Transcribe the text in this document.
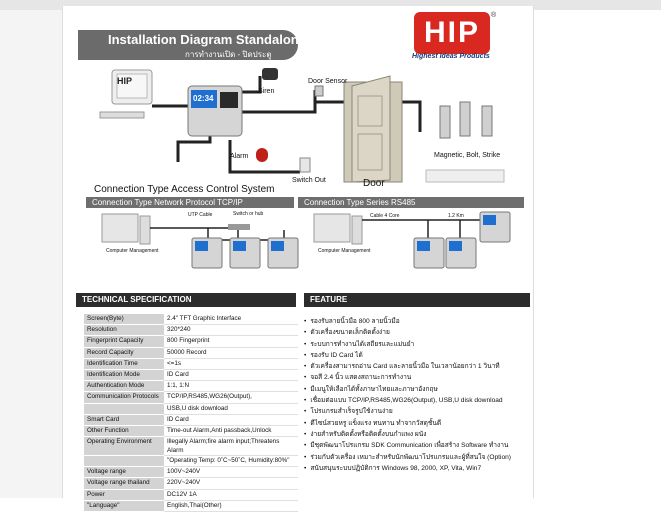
Installation Diagram Standalone
การทำงานเปิด - ปิดประตู
HIP
®
Highest Ideas Products
Siren
Door Sensor
Alarm
Switch Out	Door
Magnetic, Bolt, Strike
02:34
HIP
Connection Type Access Control System
Connection Type Network Protocol TCP/IP	Connection Type Series RS485
Computer Management	Computer Management
UTP Cable	Switch or hub	Cable 4 Core	1.2 Km
TECHNICAL SPECIFICATION	FEATURE
Screen(Byte)	2.4" TFT Graphic Interface
Resolution	320*240
Fingerprint Capacity	800 Fingerprint
Record Capacity	50000 Record
Identification Time	<=1s
Identification Mode	ID Card
Authentication Mode	1:1, 1:N
Communication Protocols	TCP/IP,RS485,WG26(Output),
	USB,U disk download
Smart Card	ID Card
Other Function	Time-out Alarm,Anti passback,Unlock
Operating Environment	Illegally Alarm;fire alarm input;Threatens Alarm
	"Operating Temp: 0˚C~50˚C, Humidity:80%"
Voltage range	100V~240V
Voltage range thailand	220V~240V
Power	DC12V 1A
"Language"	English,Thai(Other)
• รองรับลายนิ้วมือ 800 ลายนิ้วมือ
• ตัวเครื่องขนาดเล็กติดตั้งง่าย
• ระบบการทำงานได้เสถียรและแม่นยำ
• รองรับ ID Card ได้
• ตัวเครื่องสามารถอ่าน Card และลายนิ้วมือ ในเวลาน้อยกว่า 1 วินาที
• จอสี 2.4 นิ้ว แสดงสถานะการทำงาน
• มีเมนูให้เลือกได้ทั้งภาษาไทยและภาษาอังกฤษ
• เชื่อมต่อแบบ TCP/IP,RS485,WG26(Output), USB,U disk download
• โปรแกรมสำเร็จรูปใช้งานง่าย
• ดีไซน์สวยหรู แข็งแรง ทนทาน ทำจากวัสดุชั้นดี
• ง่ายสำหรับติดตั้งหรือติดตั้งบนกำแพง ผนัง
• มีชุดพัฒนาโปรแกรม SDK Communication เพื่อสร้าง Software ทำงาน
• ร่วมกับตัวเครื่อง เหมาะสำหรับนักพัฒนาโปรแกรมและผู้ที่สนใจ (Option)
• สนับสนุนระบบปฏิบัติการ Windows 98, 2000, XP, Vita, Win7
